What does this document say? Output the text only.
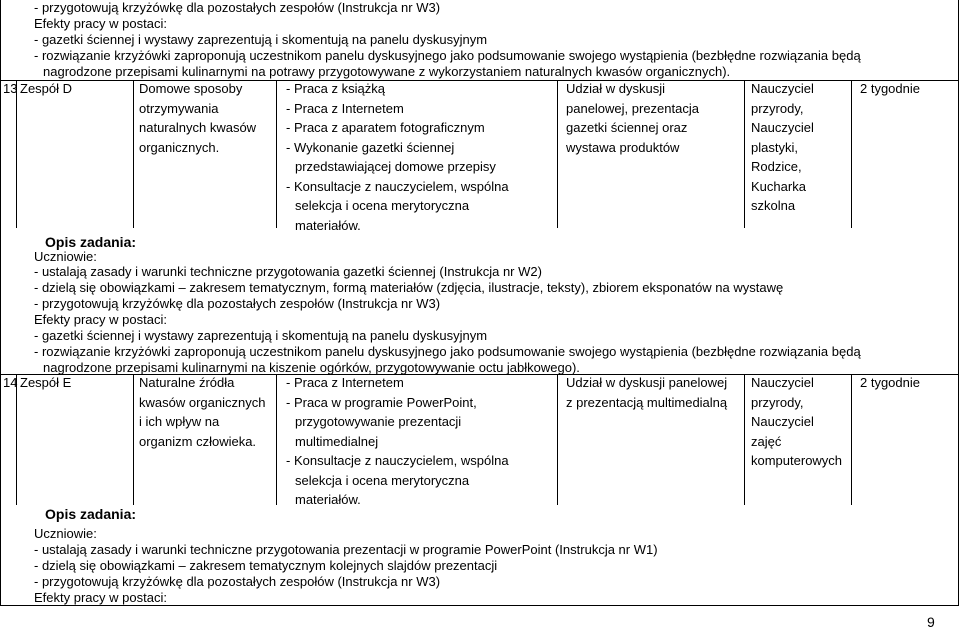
- przygotowują krzyżówkę dla pozostałych zespołów (Instrukcja nr W3)
Efekty pracy w postaci:
- gazetki ściennej i wystawy zaprezentują i skomentują na panelu dyskusyjnym
- rozwiązanie krzyżówki zaproponują uczestnikom panelu dyskusyjnego jako podsumowanie swojego wystąpienia (bezbłędne rozwiązania będą
nagrodzone przepisami kulinarnymi na potrawy przygotowywane z wykorzystaniem naturalnych kwasów organicznych).
13 Zespół D	Domowe sposoby
otrzymywania
naturalnych kwasów
organicznych.
- Praca z książką
- Praca z Internetem
- Praca z aparatem fotograficznym
- Wykonanie gazetki ściennej
przedstawiającej domowe przepisy
- Konsultacje z nauczycielem, wspólna
selekcja i ocena merytoryczna
materiałów.
Udział w dyskusji
panelowej, prezentacja
gazetki ściennej oraz
wystawa produktów
Nauczyciel
przyrody,
Nauczyciel
plastyki,
Rodzice,
Kucharka
szkolna
2 tygodnie
Opis zadania:
Uczniowie:
- ustalają zasady i warunki techniczne przygotowania gazetki ściennej (Instrukcja nr W2)
- dzielą się obowiązkami – zakresem tematycznym, formą materiałów (zdjęcia, ilustracje, teksty), zbiorem eksponatów na wystawę
- przygotowują krzyżówkę dla pozostałych zespołów (Instrukcja nr W3)
Efekty pracy w postaci:
- gazetki ściennej i wystawy zaprezentują i skomentują na panelu dyskusyjnym
- rozwiązanie krzyżówki zaproponują uczestnikom panelu dyskusyjnego jako podsumowanie swojego wystąpienia (bezbłędne rozwiązania będą
nagrodzone przepisami kulinarnymi na kiszenie ogórków, przygotowywanie octu jabłkowego).
14 Zespół E	Naturalne źródła
kwasów organicznych
i ich wpływ na
organizm człowieka.
- Praca z Internetem
- Praca w programie PowerPoint,
przygotowywanie prezentacji
multimedialnej
- Konsultacje z nauczycielem, wspólna
selekcja i ocena merytoryczna
materiałów.
Udział w dyskusji panelowej
z prezentacją multimedialną
Nauczyciel
przyrody,
Nauczyciel
zajęć
komputerowych
2 tygodnie
Opis zadania:
Uczniowie:
- ustalają zasady i warunki techniczne przygotowania prezentacji w programie PowerPoint (Instrukcja nr W1)
- dzielą się obowiązkami – zakresem tematycznym kolejnych slajdów prezentacji
- przygotowują krzyżówkę dla pozostałych zespołów (Instrukcja nr W3)
Efekty pracy w postaci:
9
